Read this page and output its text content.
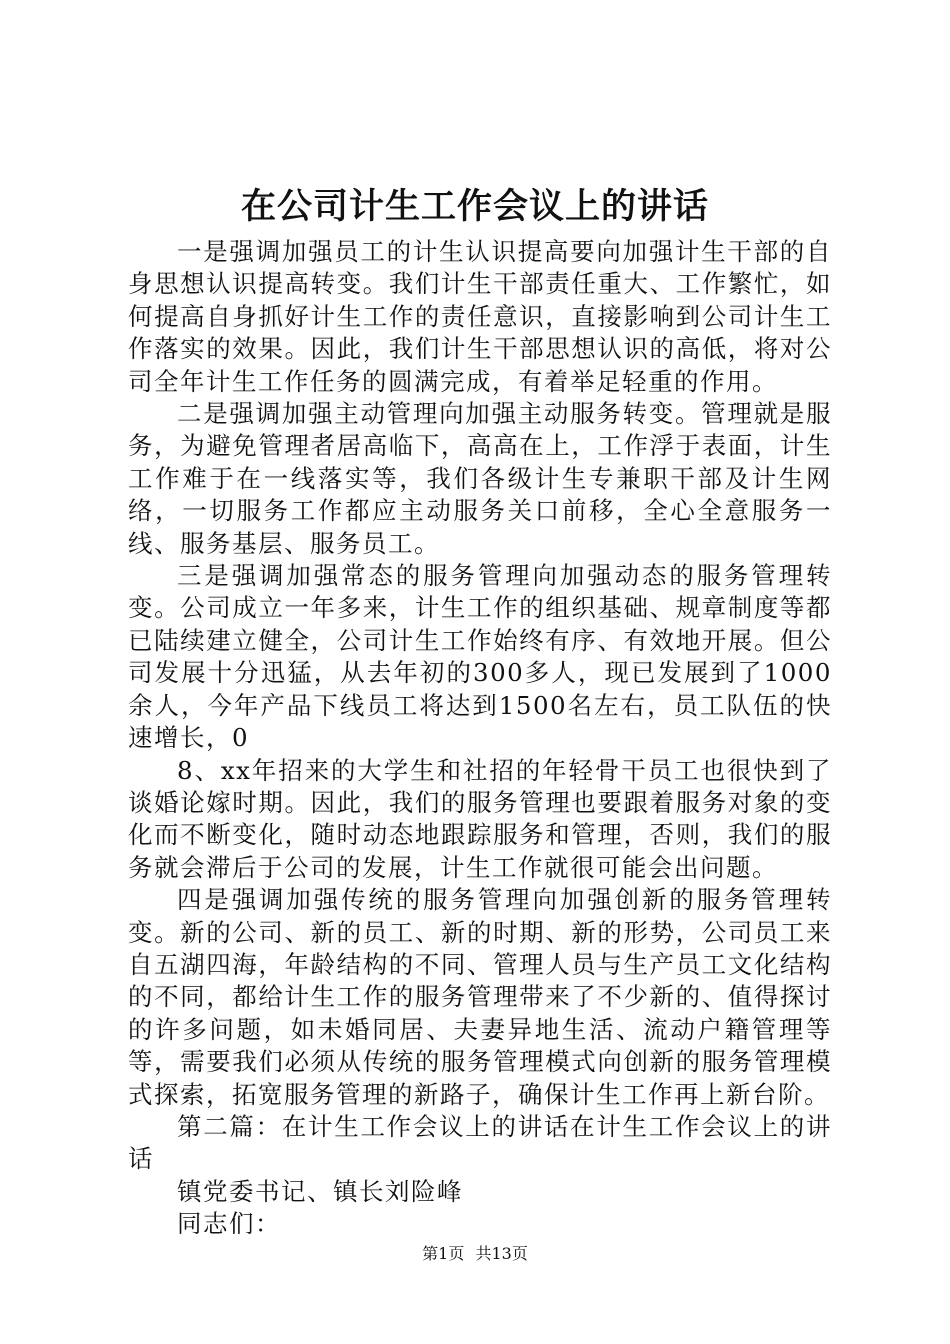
在公司计生工作会议上的讲话

一是强调加强员工的计生认识提高要向加强计生干部的自身思想认识提高转变。我们计生干部责任重大、工作繁忙，如何提高自身抓好计生工作的责任意识，直接影响到公司计生工作落实的效果。因此，我们计生干部思想认识的高低，将对公司全年计生工作任务的圆满完成，有着举足轻重的作用。

二是强调加强主动管理向加强主动服务转变。管理就是服务，为避免管理者居高临下，高高在上，工作浮于表面，计生工作难于在一线落实等，我们各级计生专兼职干部及计生网络，一切服务工作都应主动服务关口前移，全心全意服务一线、服务基层、服务员工。

三是强调加强常态的服务管理向加强动态的服务管理转变。公司成立一年多来，计生工作的组织基础、规章制度等都已陆续建立健全，公司计生工作始终有序、有效地开展。但公司发展十分迅猛，从去年初的300多人，现已发展到了1000余人，今年产品下线员工将达到1500名左右，员工队伍的快速增长，0

8、xx年招来的大学生和社招的年轻骨干员工也很快到了谈婚论嫁时期。因此，我们的服务管理也要跟着服务对象的变化而不断变化，随时动态地跟踪服务和管理，否则，我们的服务就会滞后于公司的发展，计生工作就很可能会出问题。

四是强调加强传统的服务管理向加强创新的服务管理转变。新的公司、新的员工、新的时期、新的形势，公司员工来自五湖四海，年龄结构的不同、管理人员与生产员工文化结构的不同，都给计生工作的服务管理带来了不少新的、值得探讨的许多问题，如未婚同居、夫妻异地生活、流动户籍管理等等，需要我们必须从传统的服务管理模式向创新的服务管理模式探索，拓宽服务管理的新路子，确保计生工作再上新台阶。

第二篇：在计生工作会议上的讲话在计生工作会议上的讲话

镇党委书记、镇长刘险峰

同志们：

第1页 共13页
